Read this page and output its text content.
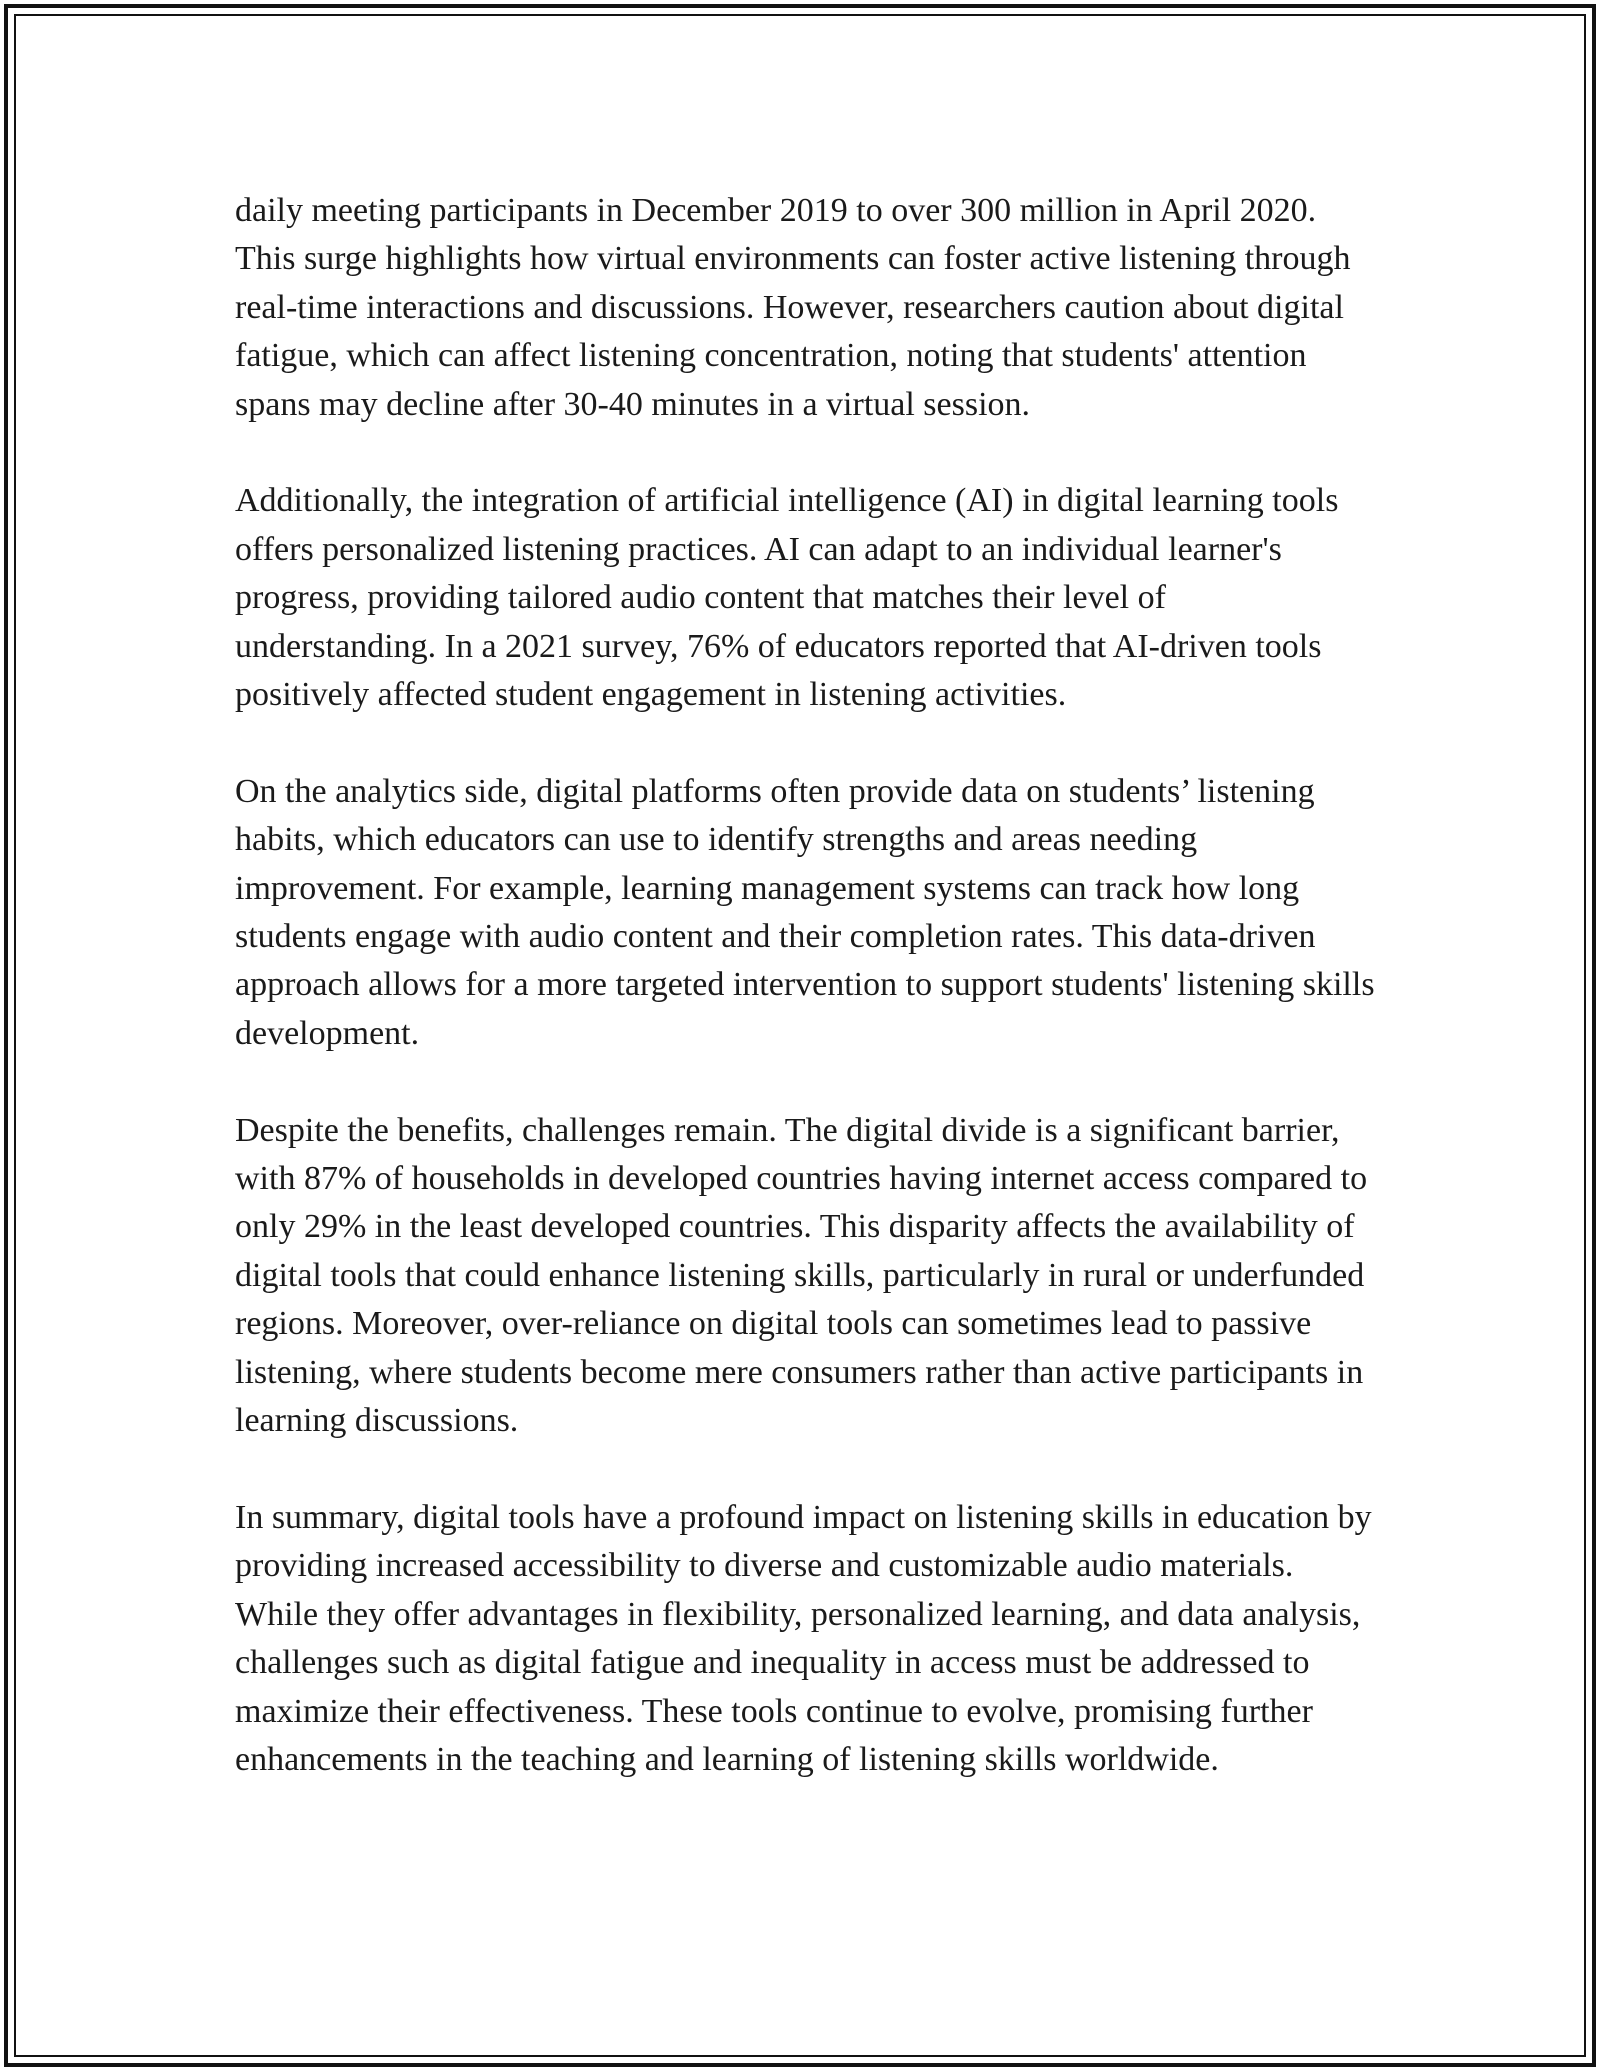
daily meeting participants in December 2019 to over 300 million in April 2020. This surge highlights how virtual environments can foster active listening through real-time interactions and discussions. However, researchers caution about digital fatigue, which can affect listening concentration, noting that students' attention spans may decline after 30-40 minutes in a virtual session.

Additionally, the integration of artificial intelligence (AI) in digital learning tools offers personalized listening practices. AI can adapt to an individual learner's progress, providing tailored audio content that matches their level of understanding. In a 2021 survey, 76% of educators reported that AI-driven tools positively affected student engagement in listening activities.

On the analytics side, digital platforms often provide data on students’ listening habits, which educators can use to identify strengths and areas needing improvement. For example, learning management systems can track how long students engage with audio content and their completion rates. This data-driven approach allows for a more targeted intervention to support students' listening skills development.

Despite the benefits, challenges remain. The digital divide is a significant barrier, with 87% of households in developed countries having internet access compared to only 29% in the least developed countries. This disparity affects the availability of digital tools that could enhance listening skills, particularly in rural or underfunded regions. Moreover, over-reliance on digital tools can sometimes lead to passive listening, where students become mere consumers rather than active participants in learning discussions.

In summary, digital tools have a profound impact on listening skills in education by providing increased accessibility to diverse and customizable audio materials. While they offer advantages in flexibility, personalized learning, and data analysis, challenges such as digital fatigue and inequality in access must be addressed to maximize their effectiveness. These tools continue to evolve, promising further enhancements in the teaching and learning of listening skills worldwide.
